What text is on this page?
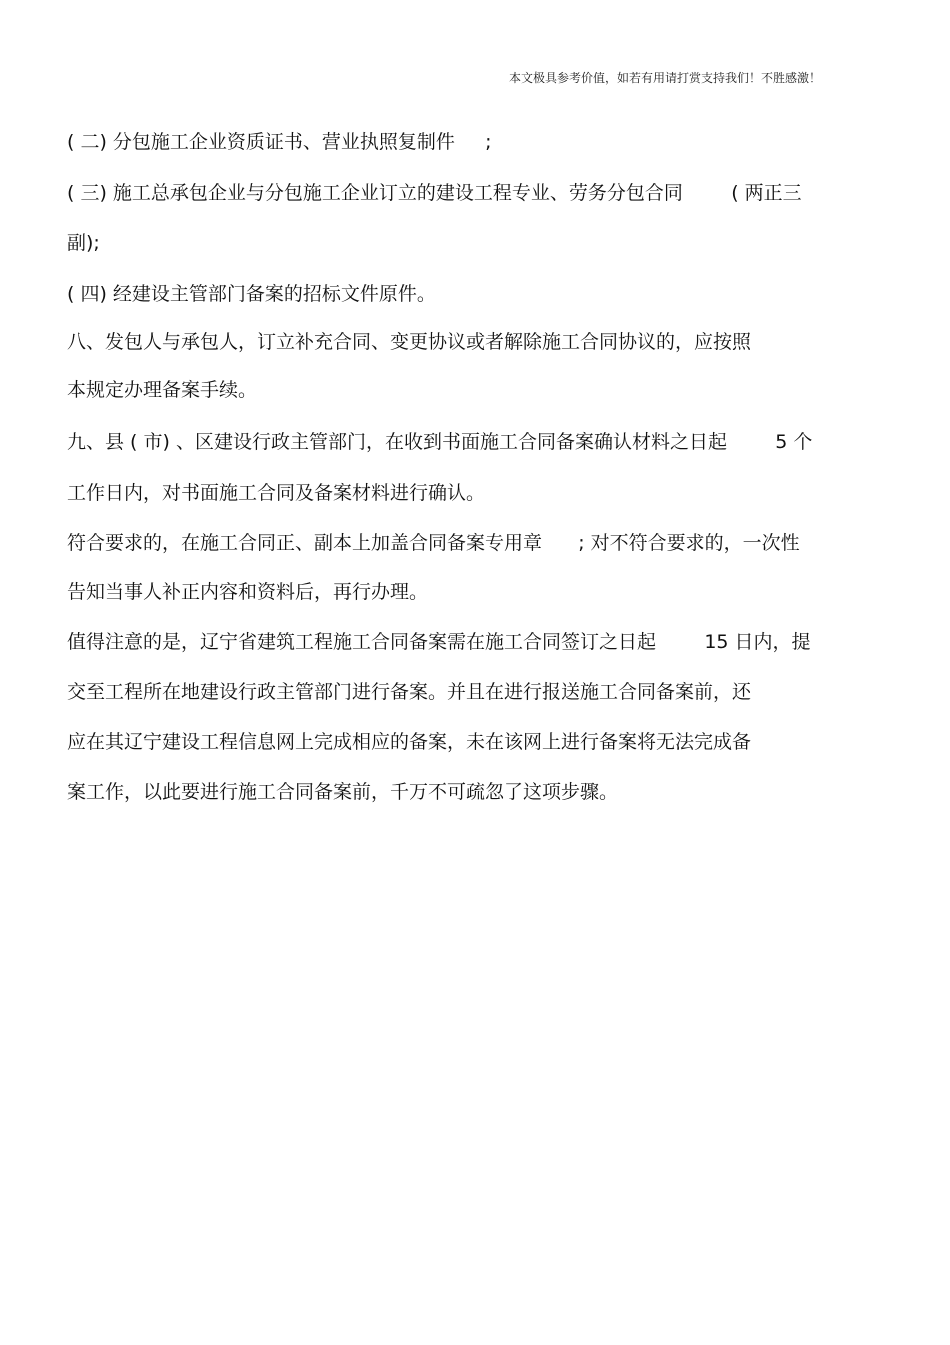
本文极具参考价值，如若有用请打赏支持我们！不胜感激！
( 二) 分包施工企业资质证书、营业执照复制件     ;
( 三) 施工总承包企业与分包施工企业订立的建设工程专业、劳务分包合同        ( 两正三
副);
( 四) 经建设主管部门备案的招标文件原件。
八、发包人与承包人，订立补充合同、变更协议或者解除施工合同协议的，应按照
本规定办理备案手续。
九、县 ( 市) 、区建设行政主管部门，在收到书面施工合同备案确认材料之日起        5 个
工作日内，对书面施工合同及备案材料进行确认。
符合要求的，在施工合同正、副本上加盖合同备案专用章      ; 对不符合要求的，一次性
告知当事人补正内容和资料后，再行办理。
值得注意的是，辽宁省建筑工程施工合同备案需在施工合同签订之日起        15 日内，提
交至工程所在地建设行政主管部门进行备案。并且在进行报送施工合同备案前，还
应在其辽宁建设工程信息网上完成相应的备案，未在该网上进行备案将无法完成备
案工作，以此要进行施工合同备案前，千万不可疏忽了这项步骤。
